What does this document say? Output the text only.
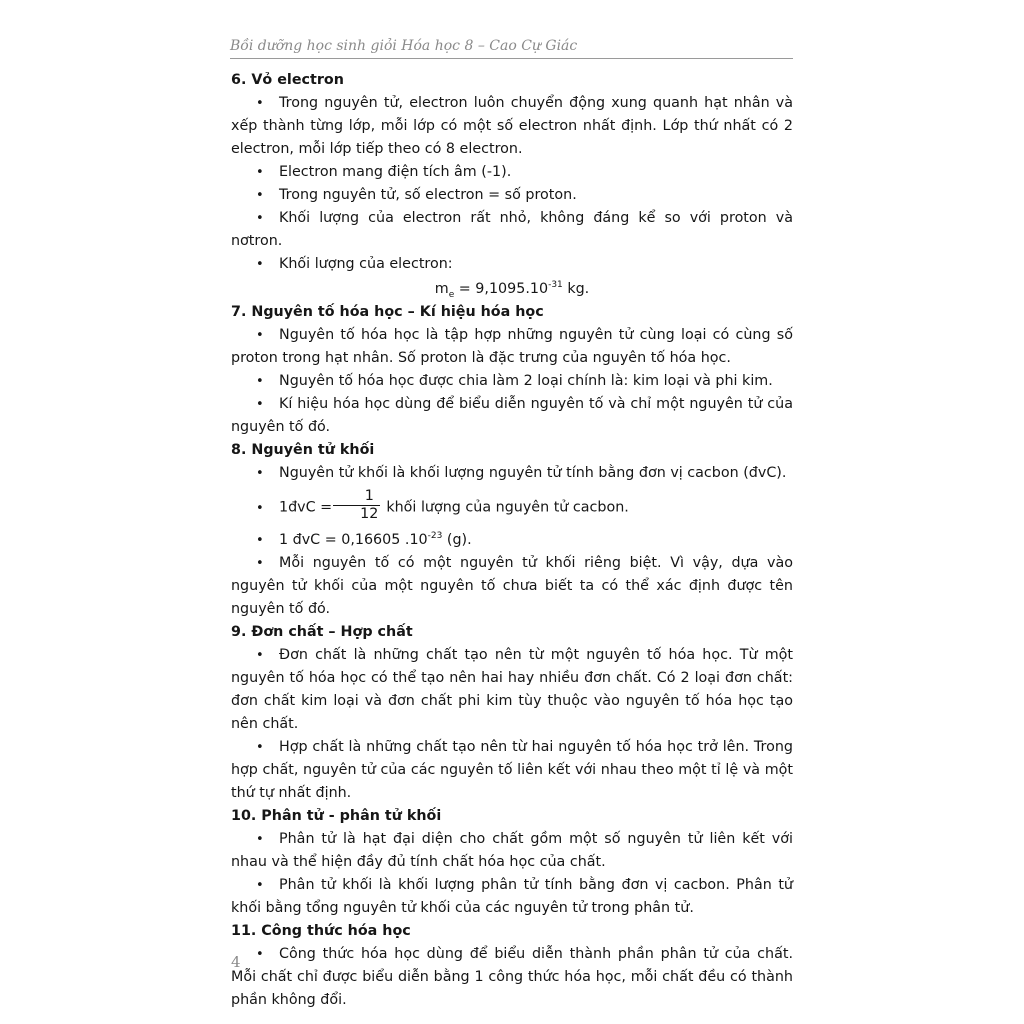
Bồi dưỡng học sinh giỏi Hóa học 8 – Cao Cự Giác
6. Vỏ electron

• Trong nguyên tử, electron luôn chuyển động xung quanh hạt nhân và xếp thành từng lớp, mỗi lớp có một số electron nhất định. Lớp thứ nhất có 2 electron, mỗi lớp tiếp theo có 8 electron.

• Electron mang điện tích âm (-1).

• Trong nguyên tử, số electron = số proton.

• Khối lượng của electron rất nhỏ, không đáng kể so với proton và nơtron.

• Khối lượng của electron:

$m_e = 9,1095.10^{-31}$ kg.

7. Nguyên tố hóa học – Kí hiệu hóa học

• Nguyên tố hóa học là tập hợp những nguyên tử cùng loại có cùng số proton trong hạt nhân. Số proton là đặc trưng của nguyên tố hóa học.

• Nguyên tố hóa học được chia làm 2 loại chính là: kim loại và phi kim.

• Kí hiệu hóa học dùng để biểu diễn nguyên tố và chỉ một nguyên tử của nguyên tố đó.

8. Nguyên tử khối

• Nguyên tử khối là khối lượng nguyên tử tính bằng đơn vị cacbon (đvC).

• 1đvC = $\frac{1}{12}$ khối lượng của nguyên tử cacbon.

• 1 đvC = 0,16605 $.10^{-23}$ (g).

• Mỗi nguyên tố có một nguyên tử khối riêng biệt. Vì vậy, dựa vào nguyên tử khối của một nguyên tố chưa biết ta có thể xác định được tên nguyên tố đó.

9. Đơn chất – Hợp chất

• Đơn chất là những chất tạo nên từ một nguyên tố hóa học. Từ một nguyên tố hóa học có thể tạo nên hai hay nhiều đơn chất. Có 2 loại đơn chất: đơn chất kim loại và đơn chất phi kim tùy thuộc vào nguyên tố hóa học tạo nên chất.

• Hợp chất là những chất tạo nên từ hai nguyên tố hóa học trở lên. Trong hợp chất, nguyên tử của các nguyên tố liên kết với nhau theo một tỉ lệ và một thứ tự nhất định.

10. Phân tử - phân tử khối

• Phân tử là hạt đại diện cho chất gồm một số nguyên tử liên kết với nhau và thể hiện đầy đủ tính chất hóa học của chất.

• Phân tử khối là khối lượng phân tử tính bằng đơn vị cacbon. Phân tử khối bằng tổng nguyên tử khối của các nguyên tử trong phân tử.

11. Công thức hóa học

• Công thức hóa học dùng để biểu diễn thành phần phân tử của chất. Mỗi chất chỉ được biểu diễn bằng 1 công thức hóa học, mỗi chất đều có thành phần không đổi.

4
